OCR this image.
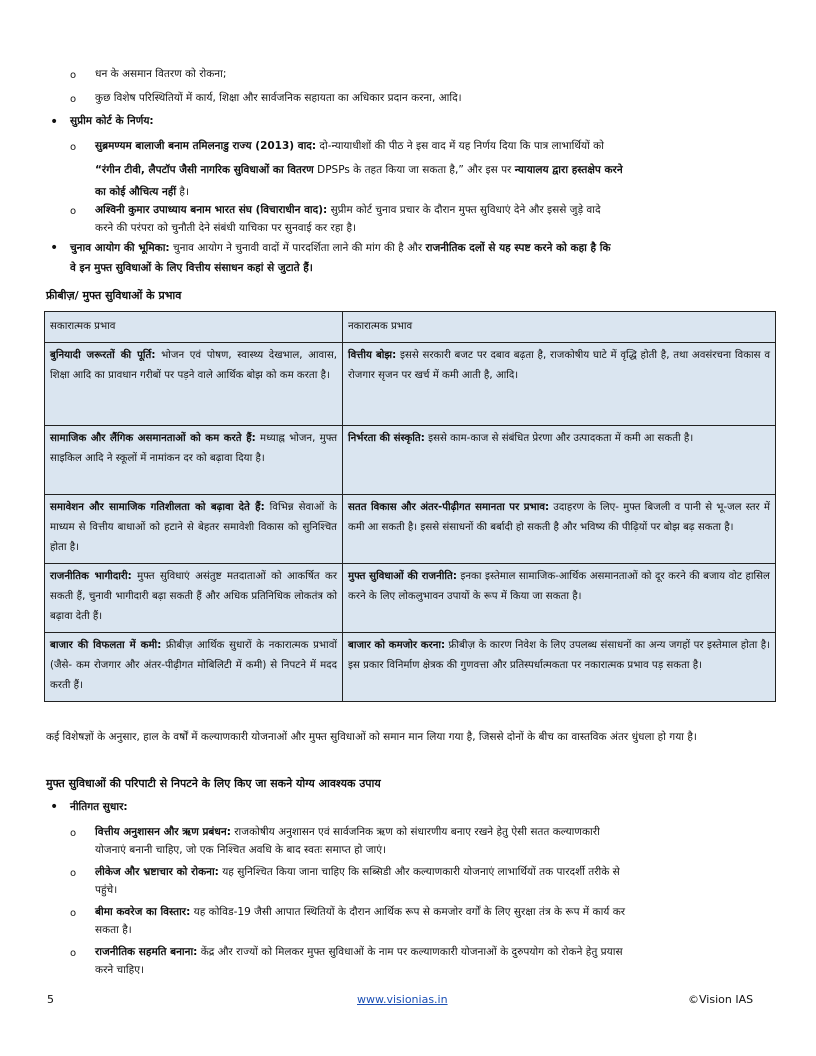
o धन के असमान वितरण को रोकना;
o कुछ विशेष परिस्थितियों में कार्य, शिक्षा और सार्वजनिक सहायता का अधिकार प्रदान करना, आदि।
• सुप्रीम कोर्ट के निर्णय:
o सुब्रमण्यम बालाजी बनाम तमिलनाडु राज्य (2013) वाद: दो-न्यायाधीशों की पीठ ने इस वाद में यह निर्णय दिया कि पात्र लाभार्थियों को
“रंगीन टीवी, लैपटॉप जैसी नागरिक सुविधाओं का वितरण DPSPs के तहत किया जा सकता है,” और इस पर न्यायालय द्वारा हस्तक्षेप करने
का कोई औचित्य नहीं है।
o अश्विनी कुमार उपाध्याय बनाम भारत संघ (विचाराधीन वाद): सुप्रीम कोर्ट चुनाव प्रचार के दौरान मुफ्त सुविधाएं देने और इससे जुड़े वादे
करने की परंपरा को चुनौती देने संबंधी याचिका पर सुनवाई कर रहा है।
• चुनाव आयोग की भूमिका: चुनाव आयोग ने चुनावी वादों में पारदर्शिता लाने की मांग की है और राजनीतिक दलों से यह स्पष्ट करने को कहा है कि
वे इन मुफ्त सुविधाओं के लिए वित्तीय संसाधन कहां से जुटाते हैं।
फ्रीबीज़/ मुफ्त सुविधाओं के प्रभाव
सकारात्मक प्रभाव	नकारात्मक प्रभाव
बुनियादी जरूरतों की पूर्ति: भोजन एवं पोषण, स्वास्थ्य देखभाल, आवास, शिक्षा आदि का प्रावधान गरीबों पर पड़ने वाले आर्थिक बोझ को कम करता है।	वित्तीय बोझ: इससे सरकारी बजट पर दबाव बढ़ता है, राजकोषीय घाटे में वृद्धि होती है, तथा अवसंरचना विकास व रोजगार सृजन पर खर्च में कमी आती है, आदि।
सामाजिक और लैंगिक असमानताओं को कम करते हैं: मध्याह्न भोजन, मुफ्त साइकिल आदि ने स्कूलों में नामांकन दर को बढ़ावा दिया है।	निर्भरता की संस्कृति: इससे काम-काज से संबंधित प्रेरणा और उत्पादकता में कमी आ सकती है।
समावेशन और सामाजिक गतिशीलता को बढ़ावा देते हैं: विभिन्न सेवाओं के माध्यम से वित्तीय बाधाओं को हटाने से बेहतर समावेशी विकास को सुनिश्चित होता है।	सतत विकास और अंतर-पीढ़ीगत समानता पर प्रभाव: उदाहरण के लिए- मुफ्त बिजली व पानी से भू-जल स्तर में कमी आ सकती है। इससे संसाधनों की बर्बादी हो सकती है और भविष्य की पीढ़ियों पर बोझ बढ़ सकता है।
राजनीतिक भागीदारी: मुफ्त सुविधाएं असंतुष्ट मतदाताओं को आकर्षित कर सकती हैं, चुनावी भागीदारी बढ़ा सकती हैं और अधिक प्रतिनिधिक लोकतंत्र को बढ़ावा देती हैं।	मुफ्त सुविधाओं की राजनीति: इनका इस्तेमाल सामाजिक-आर्थिक असमानताओं को दूर करने की बजाय वोट हासिल करने के लिए लोकलुभावन उपायों के रूप में किया जा सकता है।
बाजार की विफलता में कमी: फ्रीबीज़ आर्थिक सुधारों के नकारात्मक प्रभावों (जैसे- कम रोजगार और अंतर-पीढ़ीगत मोबिलिटी में कमी) से निपटने में मदद करती हैं।	बाजार को कमजोर करना: फ्रीबीज़ के कारण निवेश के लिए उपलब्ध संसाधनों का अन्य जगहों पर इस्तेमाल होता है। इस प्रकार विनिर्माण क्षेत्रक की गुणवत्ता और प्रतिस्पर्धात्मकता पर नकारात्मक प्रभाव पड़ सकता है।
कई विशेषज्ञों के अनुसार, हाल के वर्षों में कल्याणकारी योजनाओं और मुफ्त सुविधाओं को समान मान लिया गया है, जिससे दोनों के बीच का वास्तविक अंतर धुंधला हो गया है।
मुफ्त सुविधाओं की परिपाटी से निपटने के लिए किए जा सकने योग्य आवश्यक उपाय
• नीतिगत सुधार:
o वित्तीय अनुशासन और ऋण प्रबंधन: राजकोषीय अनुशासन एवं सार्वजनिक ऋण को संधारणीय बनाए रखने हेतु ऐसी सतत कल्याणकारी
योजनाएं बनानी चाहिए, जो एक निश्चित अवधि के बाद स्वतः समाप्त हो जाएं।
o लीकेज और भ्रष्टाचार को रोकना: यह सुनिश्चित किया जाना चाहिए कि सब्सिडी और कल्याणकारी योजनाएं लाभार्थियों तक पारदर्शी तरीके से
पहुंचे।
o बीमा कवरेज का विस्तार: यह कोविड-19 जैसी आपात स्थितियों के दौरान आर्थिक रूप से कमजोर वर्गों के लिए सुरक्षा तंत्र के रूप में कार्य कर
सकता है।
o राजनीतिक सहमति बनाना: केंद्र और राज्यों को मिलकर मुफ्त सुविधाओं के नाम पर कल्याणकारी योजनाओं के दुरुपयोग को रोकने हेतु प्रयास
करने चाहिए।
5	www.visionias.in	©Vision IAS
